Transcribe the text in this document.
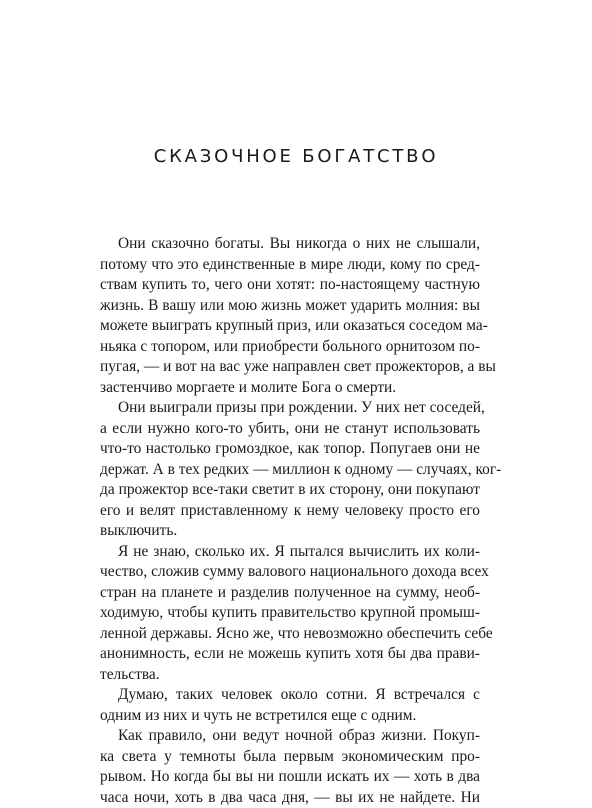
СКАЗОЧНОЕ БОГАТСТВО
Они сказочно богаты. Вы никогда о них не слышали,
потому что это единственные в мире люди, кому по сред-
ствам купить то, чего они хотят: по-настоящему частную
жизнь. В вашу или мою жизнь может ударить молния: вы
можете выиграть крупный приз, или оказаться соседом ма-
ньяка с топором, или приобрести больного орнитозом по-
пугая, — и вот на вас уже направлен свет прожекторов, а вы
застенчиво моргаете и молите Бога о смерти.
Они выиграли призы при рождении. У них нет соседей,
а если нужно кого-то убить, они не станут использовать
что-то настолько громоздкое, как топор. Попугаев они не
держат. А в тех редких — миллион к одному — случаях, ког-
да прожектор все-таки светит в их сторону, они покупают
его и велят приставленному к нему человеку просто его
выключить.
Я не знаю, сколько их. Я пытался вычислить их коли-
чество, сложив сумму валового национального дохода всех
стран на планете и разделив полученное на сумму, необ-
ходимую, чтобы купить правительство крупной промыш-
ленной державы. Ясно же, что невозможно обеспечить себе
анонимность, если не можешь купить хотя бы два прави-
тельства.
Думаю, таких человек около сотни. Я встречался с
одним из них и чуть не встретился еще с одним.
Как правило, они ведут ночной образ жизни. Покуп-
ка света у темноты была первым экономическим про-
рывом. Но когда бы вы ни пошли искать их — хоть в два
часа ночи, хоть в два часа дня, — вы их не найдете. Ни
